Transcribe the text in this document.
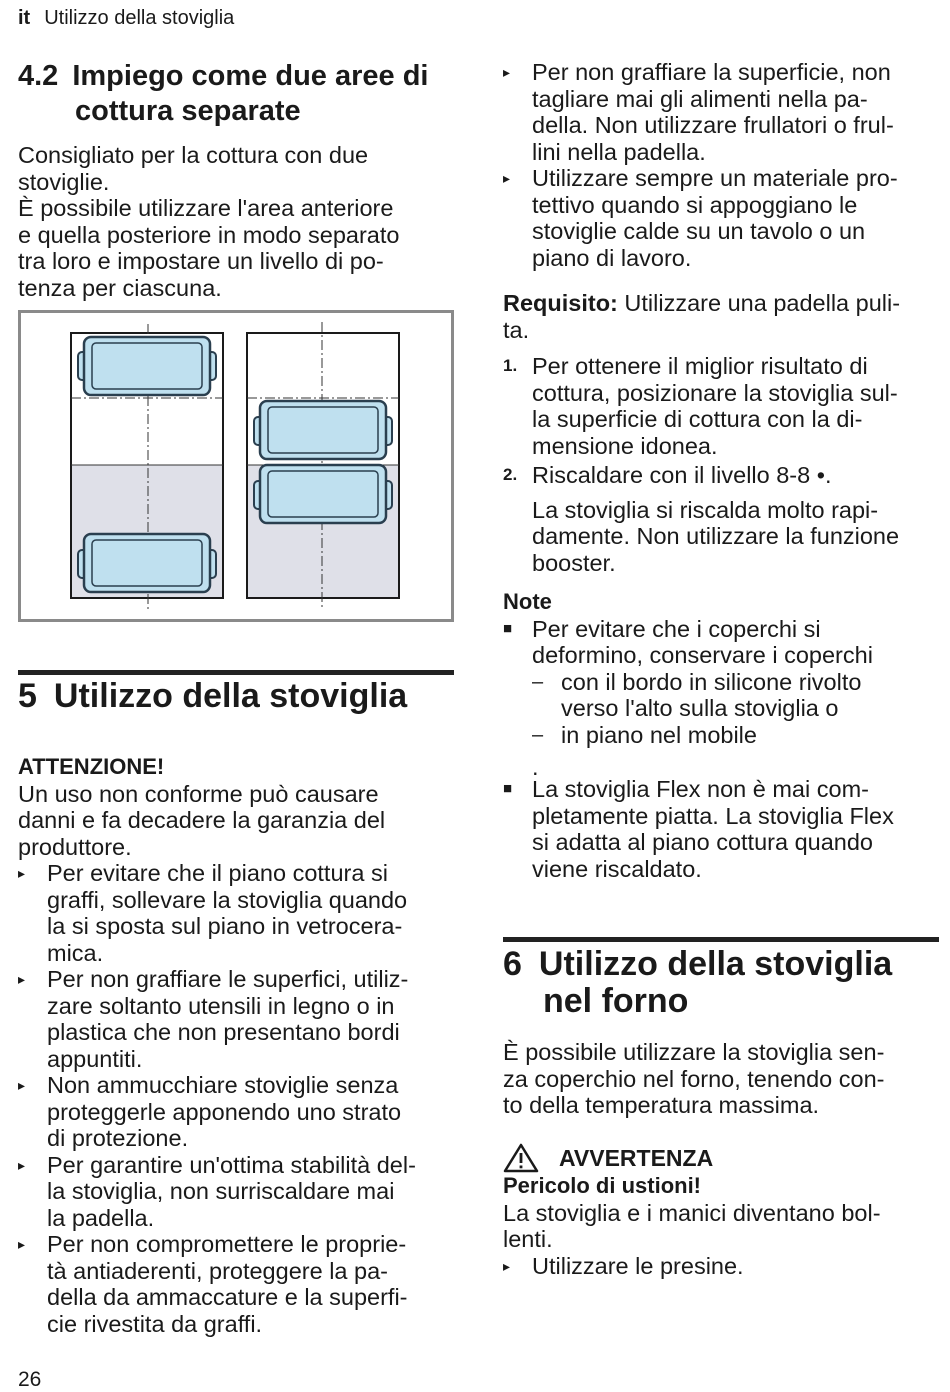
it Utilizzo della stoviglia
4.2 Impiego come due aree di
cottura separate
Consigliato per la cottura con due
stoviglie.
È possibile utilizzare l'area anteriore
e quella posteriore in modo separato
tra loro e impostare un livello di po-
tenza per ciascuna.
5 Utilizzo della stoviglia
ATTENZIONE!
Un uso non conforme può causare
danni e fa decadere la garanzia del
produttore.
▸ Per evitare che il piano cottura si
graffi, sollevare la stoviglia quando
la si sposta sul piano in vetrocera-
mica.
▸ Per non graffiare le superfici, utiliz-
zare soltanto utensili in legno o in
plastica che non presentano bordi
appuntiti.
▸ Non ammucchiare stoviglie senza
proteggerle apponendo uno strato
di protezione.
▸ Per garantire un'ottima stabilità del-
la stoviglia, non surriscaldare mai
la padella.
▸ Per non compromettere le proprie-
tà antiaderenti, proteggere la pa-
della da ammaccature e la superfi-
cie rivestita da graffi.
▸ Per non graffiare la superficie, non
tagliare mai gli alimenti nella pa-
della. Non utilizzare frullatori o frul-
lini nella padella.
▸ Utilizzare sempre un materiale pro-
tettivo quando si appoggiano le
stoviglie calde su un tavolo o un
piano di lavoro.
Requisito: Utilizzare una padella puli-
ta.
1. Per ottenere il miglior risultato di
cottura, posizionare la stoviglia sul-
la superficie di cottura con la di-
mensione idonea.
2. Riscaldare con il livello 8-8 •.
La stoviglia si riscalda molto rapi-
damente. Non utilizzare la funzione
booster.
Note
■ Per evitare che i coperchi si
deformino, conservare i coperchi
– con il bordo in silicone rivolto
verso l'alto sulla stoviglia o
– in piano nel mobile
.
■ La stoviglia Flex non è mai com-
pletamente piatta. La stoviglia Flex
si adatta al piano cottura quando
viene riscaldato.
6 Utilizzo della stoviglia
nel forno
È possibile utilizzare la stoviglia sen-
za coperchio nel forno, tenendo con-
to della temperatura massima.
AVVERTENZA
Pericolo di ustioni!
La stoviglia e i manici diventano bol-
lenti.
▸ Utilizzare le presine.
26
